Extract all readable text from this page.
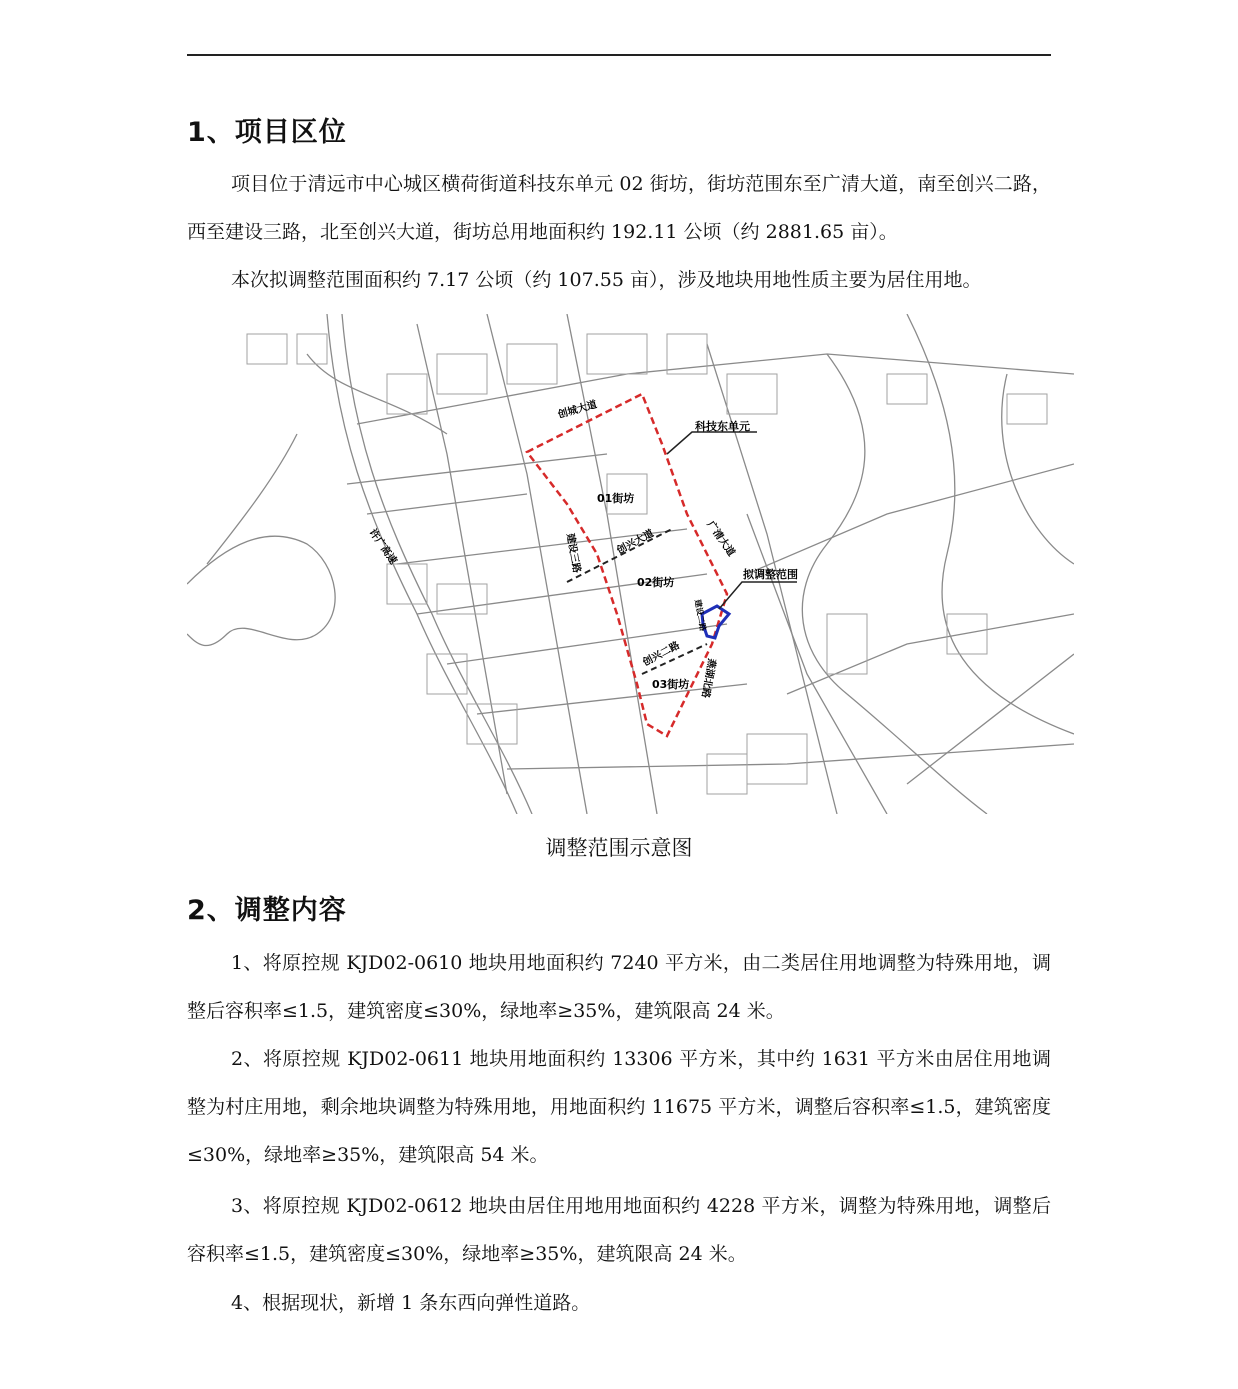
1、项目区位

项目位于清远市中心城区横荷街道科技东单元 02 街坊，街坊范围东至广清大道，南至创兴二路，西至建设三路，北至创兴大道，街坊总用地面积约 192.11 公顷（约 2881.65 亩）。

本次拟调整范围面积约 7.17 公顷（约 107.55 亩），涉及地块用地性质主要为居住用地。

创城大道
科技东单元
01街坊
创兴大道	广清大道
建设三路
02街坊
拟调整范围
建设二路
创兴二路
03街坊 燕湖北路
许广高速
调整范围示意图
2、调整内容

1、将原控规 KJD02-0610 地块用地面积约 7240 平方米，由二类居住用地调整为特殊用地，调整后容积率≤1.5，建筑密度≤30%，绿地率≥35%，建筑限高 24 米。

2、将原控规 KJD02-0611 地块用地面积约 13306 平方米，其中约 1631 平方米由居住用地调整为村庄用地，剩余地块调整为特殊用地，用地面积约 11675 平方米，调整后容积率≤1.5，建筑密度≤30%，绿地率≥35%，建筑限高 54 米。

3、将原控规 KJD02-0612 地块由居住用地用地面积约 4228 平方米，调整为特殊用地，调整后容积率≤1.5，建筑密度≤30%，绿地率≥35%，建筑限高 24 米。

4、根据现状，新增 1 条东西向弹性道路。
